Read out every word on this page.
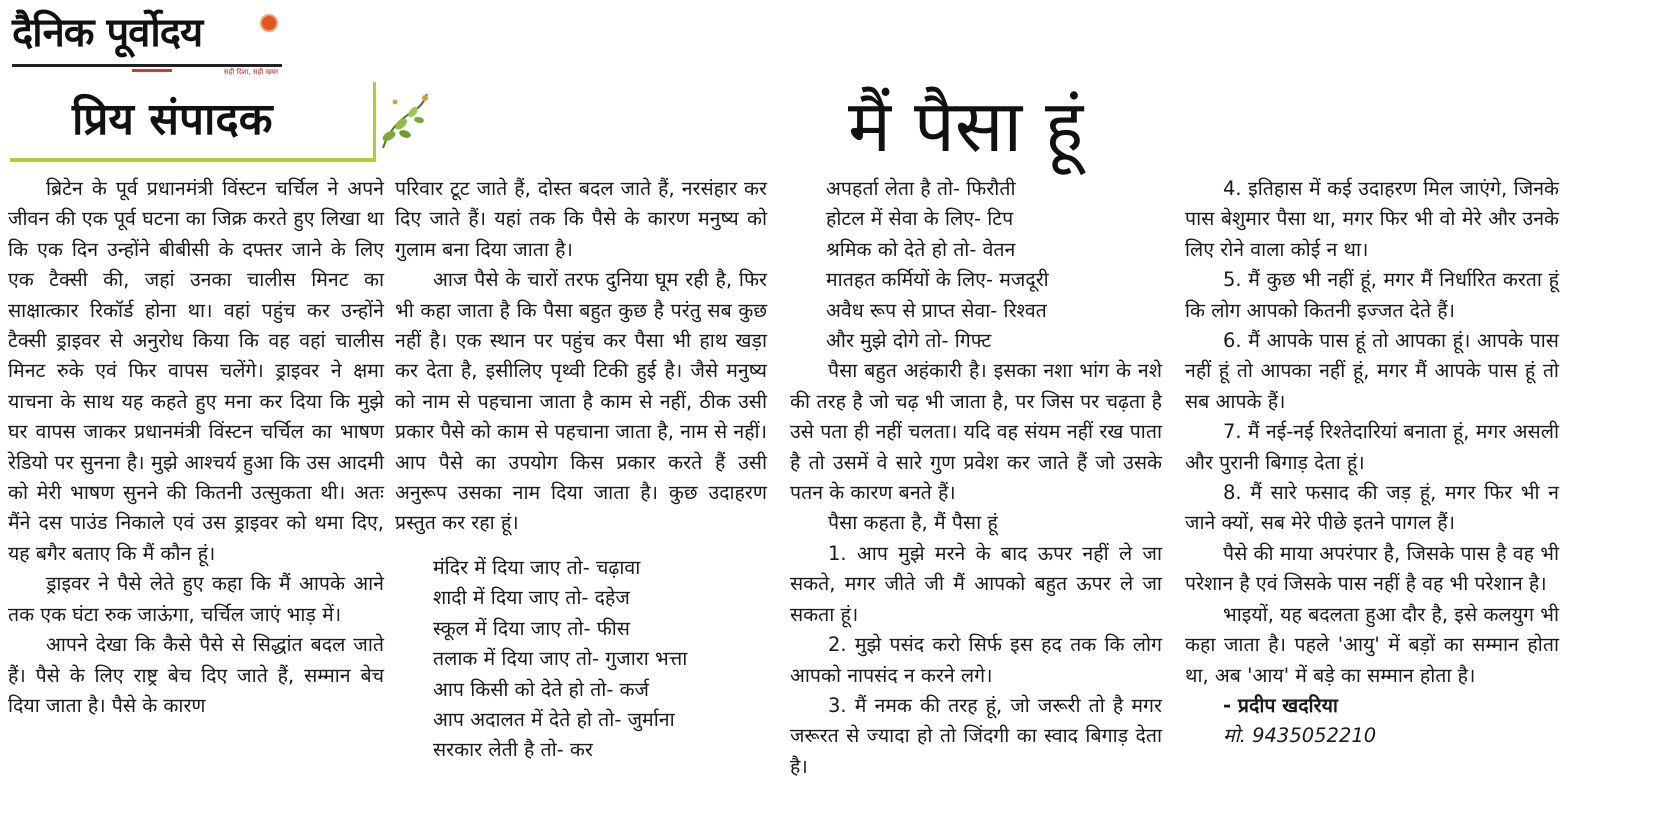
दैनिक पूर्वोदय
सही दिशा, सही खबर
प्रिय संपादक	मैं पैसा हूं

ब्रिटेन के पूर्व प्रधानमंत्री विंस्टन चर्चिल ने अपने जीवन की एक पूर्व घटना का जिक्र करते हुए लिखा था कि एक दिन उन्होंने बीबीसी के दफ्तर जाने के लिए एक टैक्सी की, जहां उनका चालीस मिनट का साक्षात्कार रिकॉर्ड होना था। वहां पहुंच कर उन्होंने टैक्सी ड्राइवर से अनुरोध किया कि वह वहां चालीस मिनट रुके एवं फिर वापस चलेंगे। ड्राइवर ने क्षमा याचना के साथ यह कहते हुए मना कर दिया कि मुझे घर वापस जाकर प्रधानमंत्री विंस्टन चर्चिल का भाषण रेडियो पर सुनना है। मुझे आश्चर्य हुआ कि उस आदमी को मेरी भाषण सुनने की कितनी उत्सुकता थी। अतः मैंने दस पाउंड निकाले एवं उस ड्राइवर को थमा दिए, यह बगैर बताए कि मैं कौन हूं।

ड्राइवर ने पैसे लेते हुए कहा कि मैं आपके आने तक एक घंटा रुक जाऊंगा, चर्चिल जाएं भाड़ में।

आपने देखा कि कैसे पैसे से सिद्धांत बदल जाते हैं। पैसे के लिए राष्ट्र बेच दिए जाते हैं, सम्मान बेच दिया जाता है। पैसे के कारण

परिवार टूट जाते हैं, दोस्त बदल जाते हैं, नरसंहार कर दिए जाते हैं। यहां तक कि पैसे के कारण मनुष्य को गुलाम बना दिया जाता है।

आज पैसे के चारों तरफ दुनिया घूम रही है, फिर भी कहा जाता है कि पैसा बहुत कुछ है परंतु सब कुछ नहीं है। एक स्थान पर पहुंच कर पैसा भी हाथ खड़ा कर देता है, इसीलिए पृथ्वी टिकी हुई है। जैसे मनुष्य को नाम से पहचाना जाता है काम से नहीं, ठीक उसी प्रकार पैसे को काम से पहचाना जाता है, नाम से नहीं। आप पैसे का उपयोग किस प्रकार करते हैं उसी अनुरूप उसका नाम दिया जाता है। कुछ उदाहरण प्रस्तुत कर रहा हूं।

मंदिर में दिया जाए तो- चढ़ावा
शादी में दिया जाए तो- दहेज
स्कूल में दिया जाए तो- फीस
तलाक में दिया जाए तो- गुजारा भत्ता
आप किसी को देते हो तो- कर्ज
आप अदालत में देते हो तो- जुर्माना
सरकार लेती है तो- कर
अपहर्ता लेता है तो- फिरौती
होटल में सेवा के लिए- टिप
श्रमिक को देते हो तो- वेतन
मातहत कर्मियों के लिए- मजदूरी
अवैध रूप से प्राप्त सेवा- रिश्वत
और मुझे दोगे तो- गिफ्ट

पैसा बहुत अहंकारी है। इसका नशा भांग के नशे की तरह है जो चढ़ भी जाता है, पर जिस पर चढ़ता है उसे पता ही नहीं चलता। यदि वह संयम नहीं रख पाता है तो उसमें वे सारे गुण प्रवेश कर जाते हैं जो उसके पतन के कारण बनते हैं।

पैसा कहता है, मैं पैसा हूं

1. आप मुझे मरने के बाद ऊपर नहीं ले जा सकते, मगर जीते जी मैं आपको बहुत ऊपर ले जा सकता हूं।

2. मुझे पसंद करो सिर्फ इस हद तक कि लोग आपको नापसंद न करने लगे।

3. मैं नमक की तरह हूं, जो जरूरी तो है मगर जरूरत से ज्यादा हो तो जिंदगी का स्वाद बिगाड़ देता है।

4. इतिहास में कई उदाहरण मिल जाएंगे, जिनके पास बेशुमार पैसा था, मगर फिर भी वो मेरे और उनके लिए रोने वाला कोई न था।

5. मैं कुछ भी नहीं हूं, मगर मैं निर्धारित करता हूं कि लोग आपको कितनी इज्जत देते हैं।

6. मैं आपके पास हूं तो आपका हूं। आपके पास नहीं हूं तो आपका नहीं हूं, मगर मैं आपके पास हूं तो सब आपके हैं।

7. मैं नई-नई रिश्तेदारियां बनाता हूं, मगर असली और पुरानी बिगाड़ देता हूं।

8. मैं सारे फसाद की जड़ हूं, मगर फिर भी न जाने क्यों, सब मेरे पीछे इतने पागल हैं।

पैसे की माया अपरंपार है, जिसके पास है वह भी परेशान है एवं जिसके पास नहीं है वह भी परेशान है।

भाइयों, यह बदलता हुआ दौर है, इसे कलयुग भी कहा जाता है। पहले 'आयु' में बड़ों का सम्मान होता था, अब 'आय' में बड़े का सम्मान होता है।

- प्रदीप खदरिया

मो. 9435052210
